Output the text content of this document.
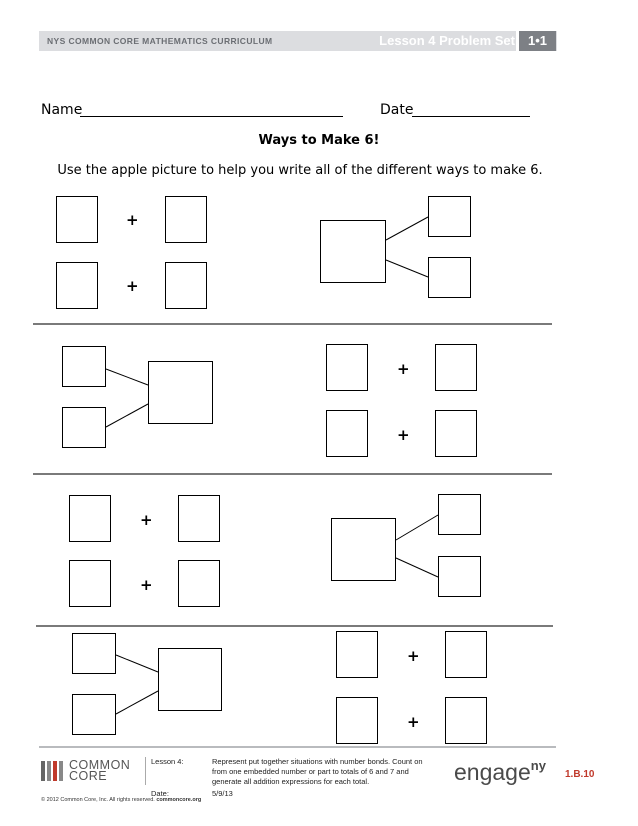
NYS COMMON CORE MATHEMATICS CURRICULUM	Lesson 4 Problem Set 1•1
Name	Date
Ways to Make 6!
Use the apple picture to help you write all of the different ways to make 6.
+
+
+
+
+
+
+
+
COMMON
CORE
Lesson 4:	Represent put together situations with number bonds. Count on from one embedded number or part to totals of 6 and 7 and generate all addition expressions for each total.
Date:	5/9/13
© 2012 Common Core, Inc. All rights reserved. commoncore.org
engage$^{ny}$
1.B.10
